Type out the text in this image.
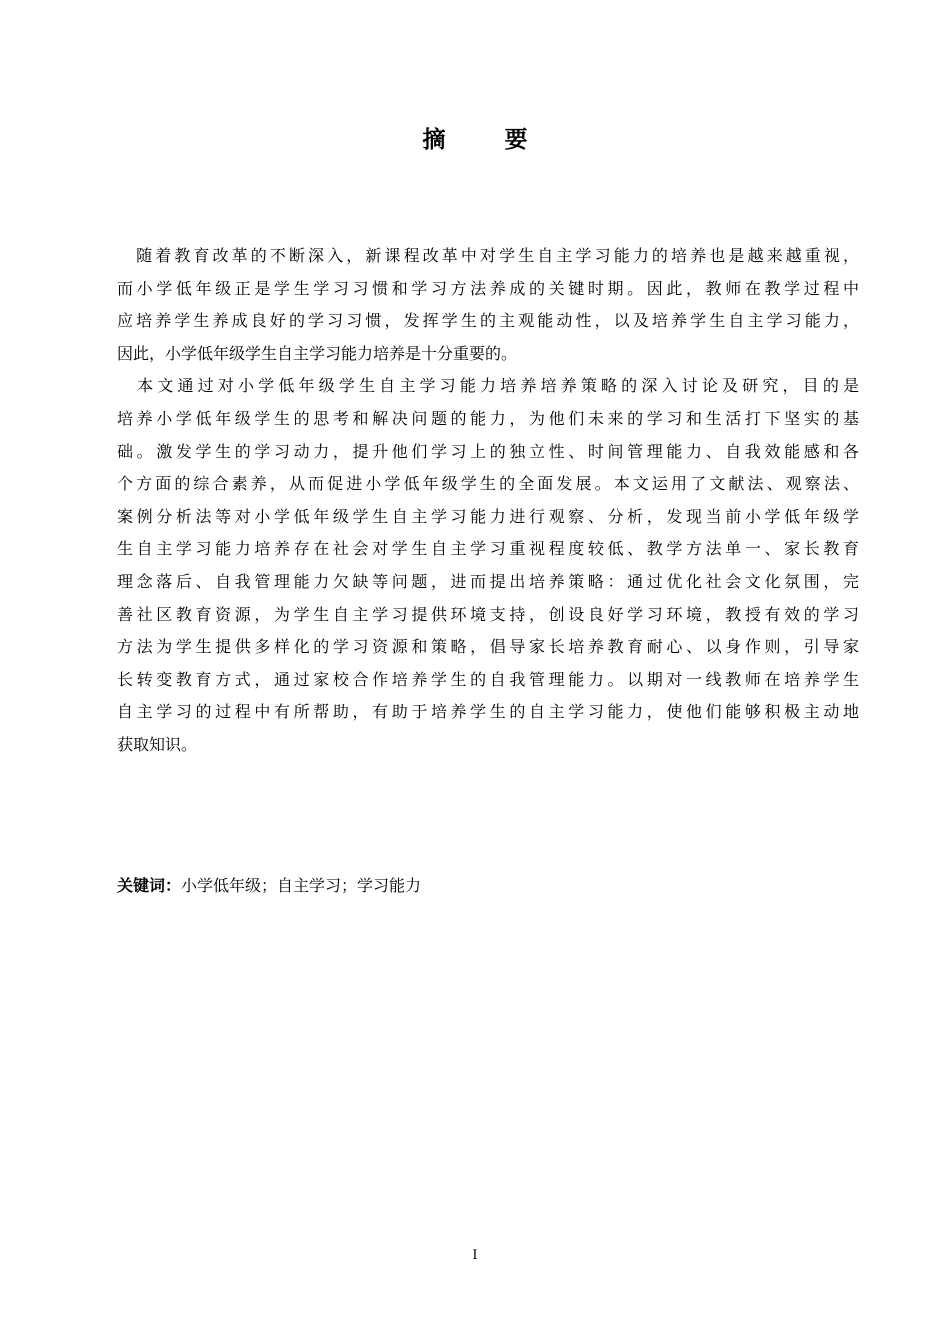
摘　要
　随着教育改革的不断深入，新课程改革中对学生自主学习能力的培养也是越来越重视，
而小学低年级正是学生学习习惯和学习方法养成的关键时期。因此，教师在教学过程中
应培养学生养成良好的学习习惯，发挥学生的主观能动性，以及培养学生自主学习能力，
因此，小学低年级学生自主学习能力培养是十分重要的。
　本文通过对小学低年级学生自主学习能力培养培养策略的深入讨论及研究，目的是
培养小学低年级学生的思考和解决问题的能力，为他们未来的学习和生活打下坚实的基
础。激发学生的学习动力，提升他们学习上的独立性、时间管理能力、自我效能感和各
个方面的综合素养，从而促进小学低年级学生的全面发展。本文运用了文献法、观察法、
案例分析法等对小学低年级学生自主学习能力进行观察、分析，发现当前小学低年级学
生自主学习能力培养存在社会对学生自主学习重视程度较低、教学方法单一、家长教育
理念落后、自我管理能力欠缺等问题，进而提出培养策略：通过优化社会文化氛围，完
善社区教育资源，为学生自主学习提供环境支持，创设良好学习环境，教授有效的学习
方法为学生提供多样化的学习资源和策略，倡导家长培养教育耐心、以身作则，引导家
长转变教育方式，通过家校合作培养学生的自我管理能力。以期对一线教师在培养学生
自主学习的过程中有所帮助，有助于培养学生的自主学习能力，使他们能够积极主动地
获取知识。
关键词：小学低年级；自主学习；学习能力
I
